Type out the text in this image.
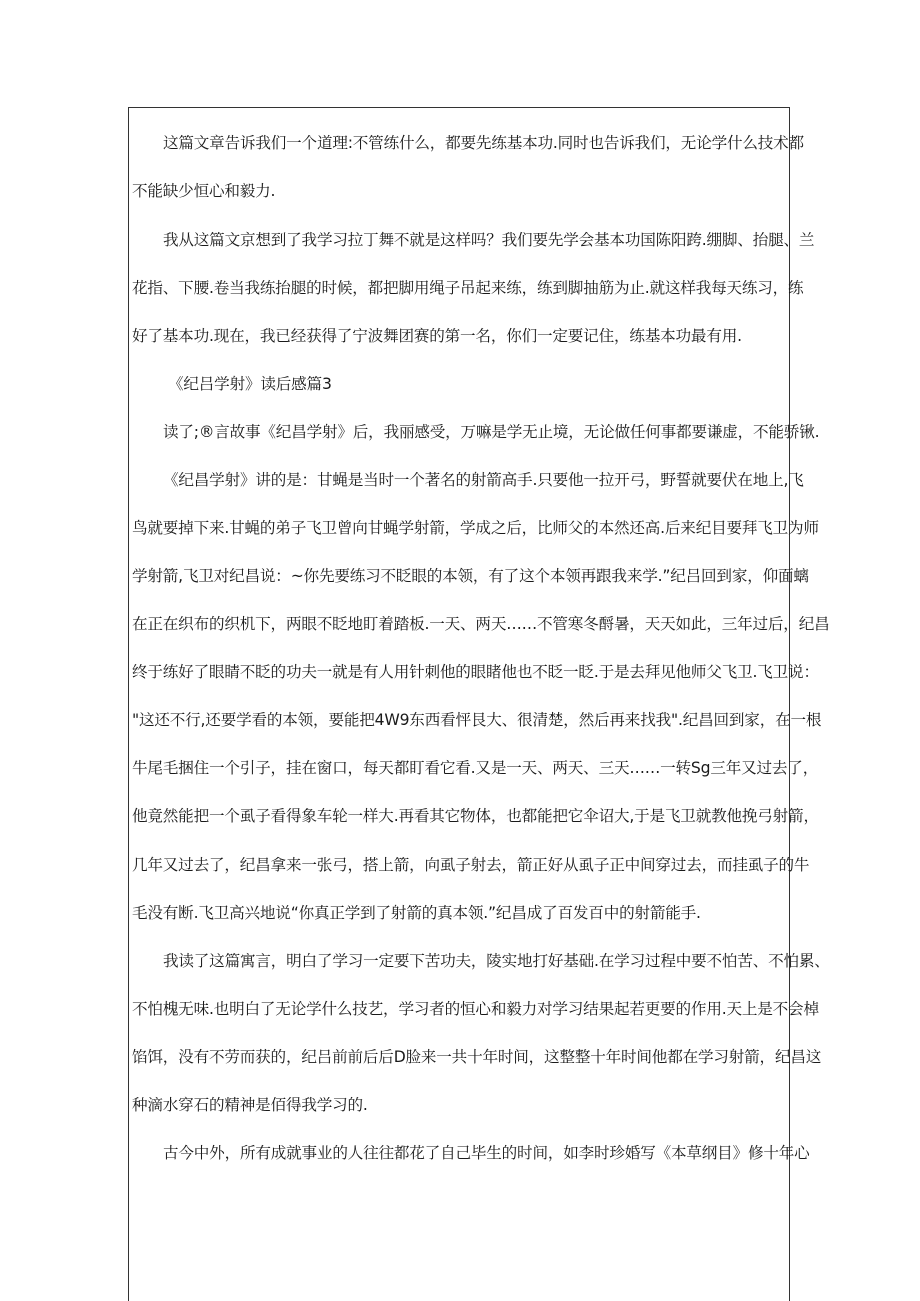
这篇文章告诉我们一个道理:不管练什么，都要先练基本功.同时也告诉我们，无论学什么技术都
不能缺少恒心和毅力.
我从这篇文京想到了我学习拉丁舞不就是这样吗？我们要先学会基本功国陈阳跨.绷脚、抬腿、兰
花指、下腰.卷当我练抬腿的时候，都把脚用绳子吊起来练，练到脚抽筋为止.就这样我每天练习，练
好了基本功.现在，我已经获得了宁波舞团赛的第一名，你们一定要记住，练基本功最有用.
《纪吕学射》读后感篇3
读了;®言故事《纪昌学射》后，我丽感受，万嘛是学无止境，无论做任何事都要谦虚，不能骄锹.
《纪昌学射》讲的是：甘蝇是当时一个著名的射箭高手.只要他一拉开弓，野誓就要伏在地上,飞
鸟就要掉下来.甘蝇的弟子飞卫曾向甘蝇学射箭，学成之后，比师父的本然还高.后来纪目要拜飞卫为师
学射箭,飞卫对纪昌说：~你先要练习不眨眼的本领，有了这个本领再跟我来学.”纪吕回到家，仰面螭
在正在织布的织机下，两眼不眨地盯着踏板.一天、两天……不管寒冬酹暑，天天如此，三年过后，纪昌
终于练好了眼睛不眨的功夫一就是有人用针刺他的眼睹他也不眨一眨.于是去拜见他师父飞卫.飞卫说：
"这还不行,还要学看的本领，要能把4W9东西看怦艮大、很清楚，然后再来找我".纪昌回到家，在一根
牛尾毛捆住一个引子，挂在窗口，每天都盯看它看.又是一天、两天、三天……一转Sg三年又过去了，
他竟然能把一个虱子看得象车轮一样大.再看其它物体，也都能把它伞诏大,于是飞卫就教他挽弓射箭，
几年又过去了，纪昌拿来一张弓，搭上箭，向虱子射去，箭正好从虱子正中间穿过去，而挂虱子的牛
毛没有断.飞卫高兴地说“你真正学到了射箭的真本领.”纪昌成了百发百中的射箭能手.
我读了这篇寓言，明白了学习一定要下苦功夫，陵实地打好基础.在学习过程中要不怕苦、不怕累、
不怕槐无味.也明白了无论学什么技艺，学习者的恒心和毅力对学习结果起若更要的作用.天上是不会棹
馅饵，没有不劳而获的，纪吕前前后后D脸来一共十年时间，这整整十年时间他都在学习射箭，纪昌这
种滴水穿石的精神是佰得我学习的.
古今中外，所有成就事业的人往往都花了自己毕生的时间，如李时珍婚写《本草纲目》修十年心
